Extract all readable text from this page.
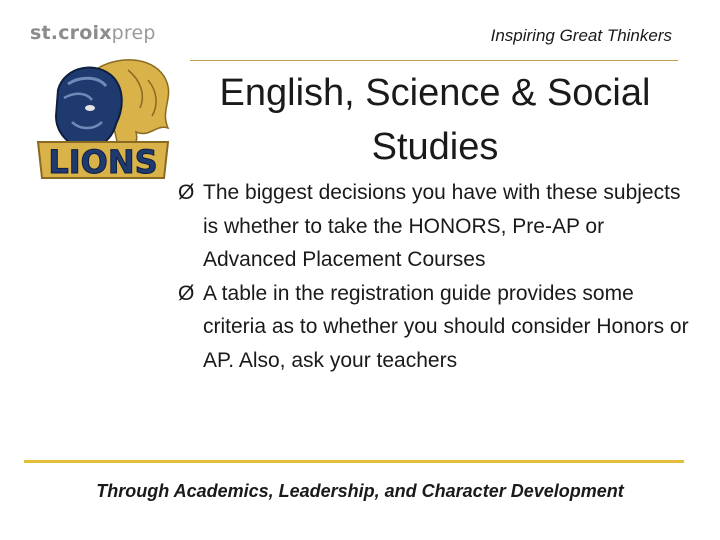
st.croixprep
LIONS
Inspiring Great Thinkers
English, Science & Social
Studies
Ø The biggest decisions you have with these subjects is whether to take the HONORS, Pre-AP or Advanced Placement Courses
Ø A table in the registration guide provides some criteria as to whether you should consider Honors or AP. Also, ask your teachers
Through Academics, Leadership, and Character Development
